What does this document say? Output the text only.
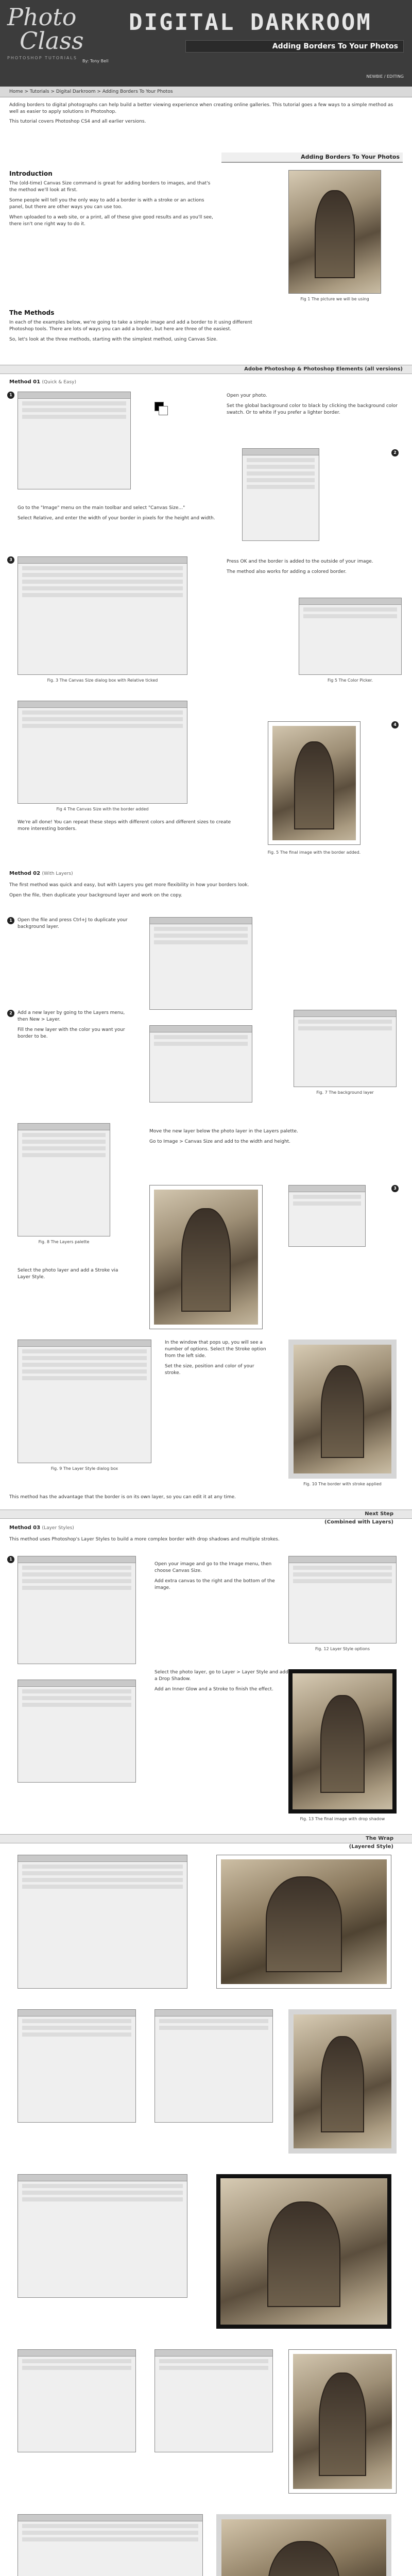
Photo
Class
PHOTOSHOP TUTORIALS
DIGITAL DARKROOM
Adding Borders To Your Photos
By: Tony Bell
NEWBIE / EDITING
Home > Tutorials > Digital Darkroom > Adding Borders To Your Photos

Adding borders to digital photographs can help build a better viewing experience when creating online galleries. This tutorial goes a few ways to a simple method as well as easier to apply solutions in Photoshop.

This tutorial covers Photoshop CS4 and all earlier versions.

Adding Borders To Your Photos
Introduction

The (old-time) Canvas Size command is great for adding borders to images, and that's the method we'll look at first.

Some people will tell you the only way to add a border is with a stroke or an actions panel, but there are other ways you can use too.

When uploaded to a web site, or a print, all of these give good results and as you'll see, there isn't one right way to do it.

Fig 1 The picture we will be using
The Methods

In each of the examples below, we're going to take a simple image and add a border to it using different Photoshop tools. There are lots of ways you can add a border, but here are three of the easiest.

So, let's look at the three methods, starting with the simplest method, using Canvas Size.

Adobe Photoshop & Photoshop Elements (all versions)
Method 01 (Quick & Easy)
1	Open your photo.

Set the global background color to black by clicking the background color swatch. Or to white if you prefer a lighter border.

2

Go to the "Image" menu on the main toolbar and select "Canvas Size..."

Select Relative, and enter the width of your border in pixels for the height and width.

3
Fig. 3 The Canvas Size dialog box with Relative ticked

Press OK and the border is added to the outside of your image.

The method also works for adding a colored border.

Fig 5 The Color Picker.
Fig 4 The Canvas Size with the border added
4

We're all done! You can repeat these steps with different colors and different sizes to create more interesting borders.

Fig. 5 The final image with the border added.
Method 02 (With Layers)

The first method was quick and easy, but with Layers you get more flexibility in how your borders look.

Open the file, then duplicate your background layer and work on the copy.

Open the file and press Ctrl+J to duplicate your background layer.

1

Add a new layer by going to the Layers menu, then New > Layer.

Fill the new layer with the color you want your border to be.

2
Fig. 7 The background layer
Fig. 8 The Layers palette

Move the new layer below the photo layer in the Layers palette.

Go to Image > Canvas Size and add to the width and height.

3

Select the photo layer and add a Stroke via Layer Style.

Fig. 9 The Layer Style dialog box

In the window that pops up, you will see a number of options. Select the Stroke option from the left side.

Set the size, position and color of your stroke.

Fig. 10 The border with stroke applied

This method has the advantage that the border is on its own layer, so you can edit it at any time.

Next Step
(Combined with Layers)
Method 03 (Layer Styles)

This method uses Photoshop's Layer Styles to build a more complex border with drop shadows and multiple strokes.

1

Open your image and go to the Image menu, then choose Canvas Size.

Add extra canvas to the right and the bottom of the image.

Fig. 12 Layer Style options

Select the photo layer, go to Layer > Layer Style and add a Drop Shadow.

Add an Inner Glow and a Stroke to finish the effect.

Fig. 13 The final image with drop shadow
The Wrap
(Layered Style)
